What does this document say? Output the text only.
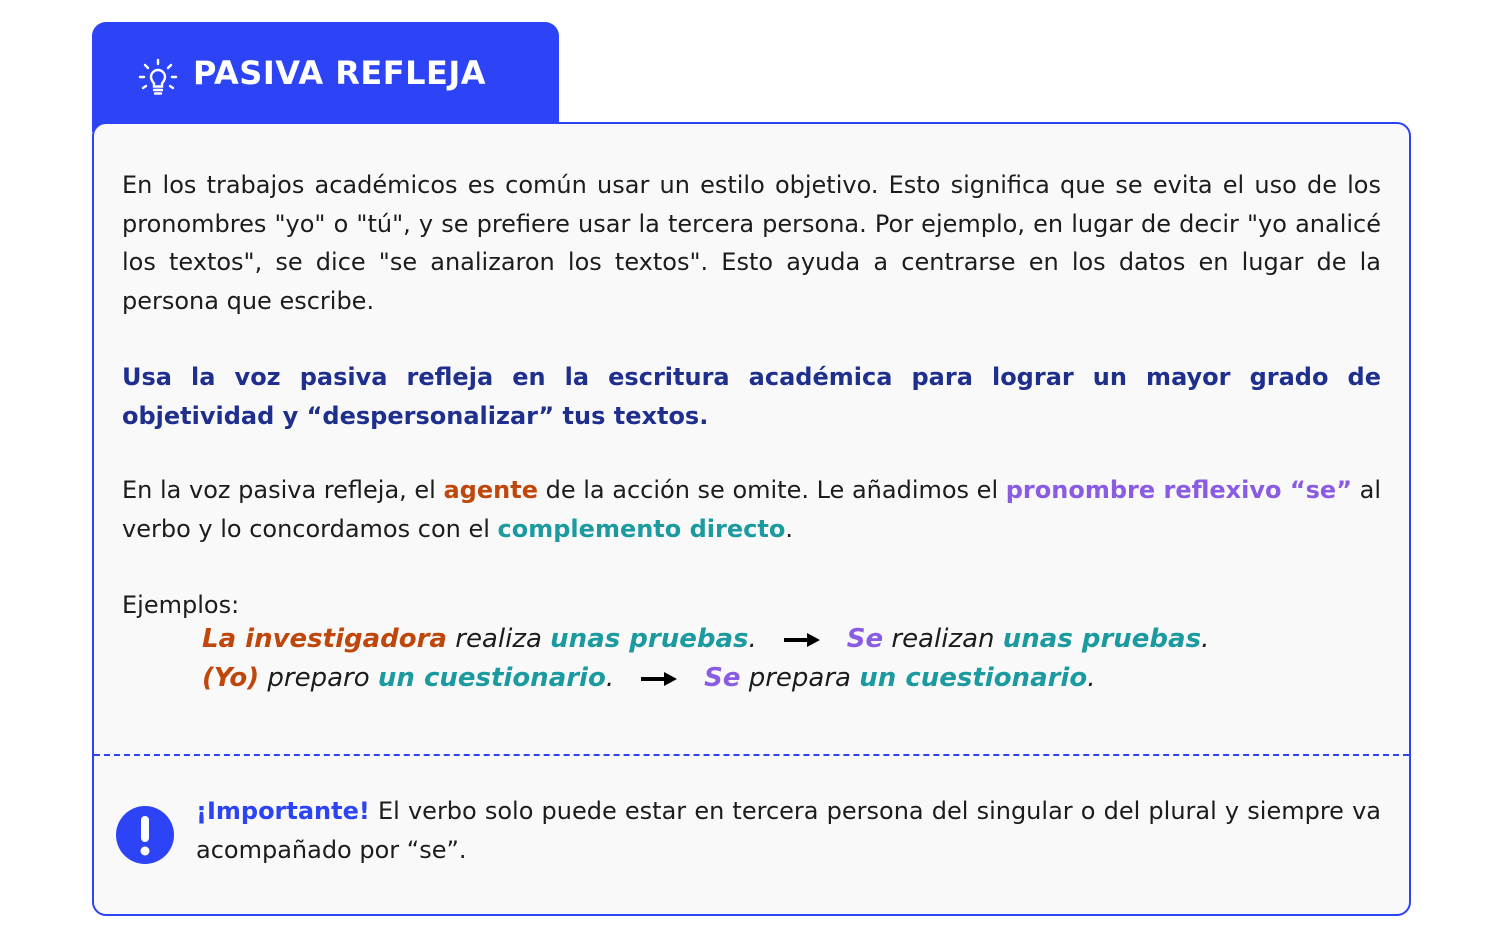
PASIVA REFLEJA

En los trabajos académicos es común usar un estilo objetivo. Esto significa que se evita el uso de los pronombres "yo" o "tú", y se prefiere usar la tercera persona. Por ejemplo, en lugar de decir "yo analicé los textos", se dice "se analizaron los textos". Esto ayuda a centrarse en los datos en lugar de la persona que escribe.

Usa la voz pasiva refleja en la escritura académica para lograr un mayor grado de objetividad y “despersonalizar” tus textos.

En la voz pasiva refleja, el agente de la acción se omite. Le añadimos el pronombre reflexivo “se” al verbo y lo concordamos con el complemento directo.

Ejemplos:

La investigadora realiza unas pruebas.	Se realizan unas pruebas.
(Yo) preparo un cuestionario.	Se prepara un cuestionario.

¡Importante! El verbo solo puede estar en tercera persona del singular o del plural y siempre va acompañado por “se”.
